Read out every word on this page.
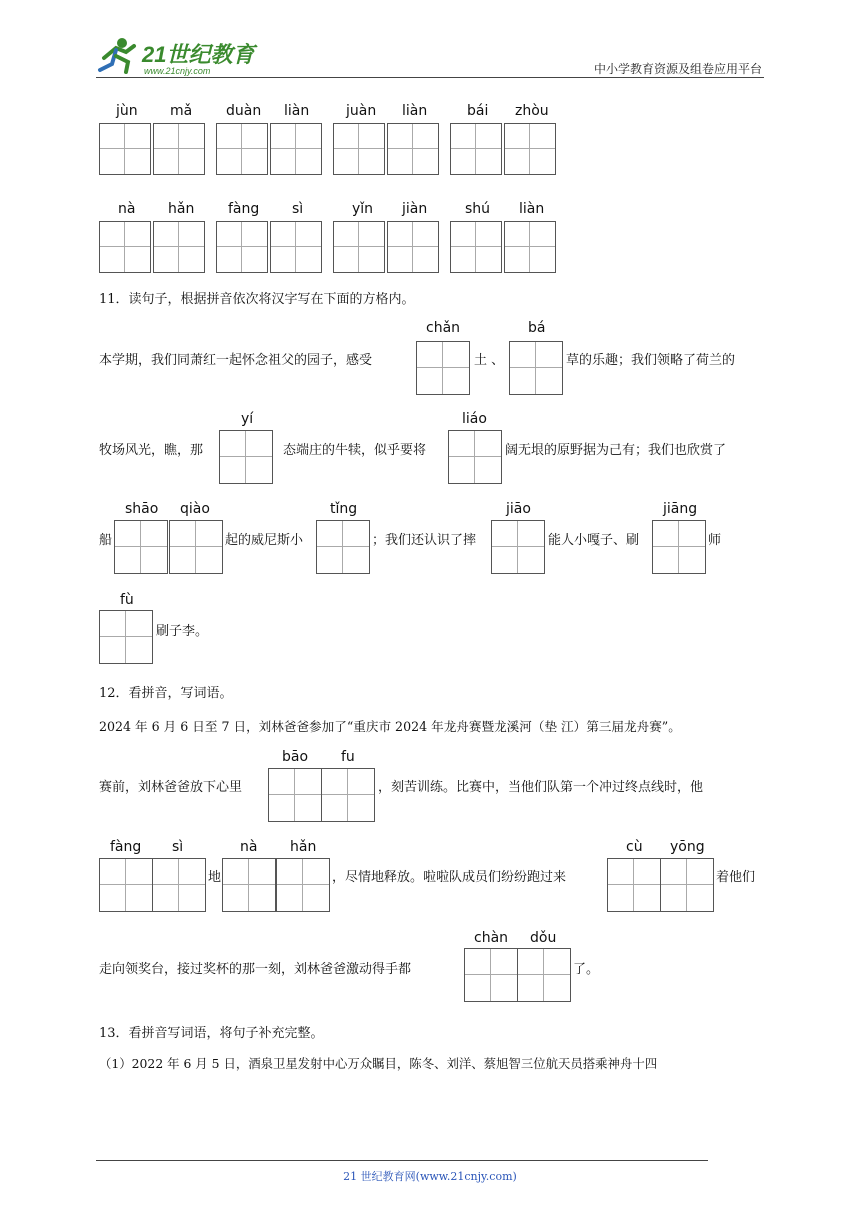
21世纪教育
www.21cnjy.com	中小学教育资源及组卷应用平台
jùn mǎ duàn liàn	juàn liàn	bái zhòu
nà hǎn fàng sì	yǐn jiàn	shú liàn
11．读句子，根据拼音依次将汉字写在下面的方格内。
本学期，我们同萧红一起怀念祖父的园子，感受
chǎn
土 、
bá
草的乐趣；我们领略了荷兰的
牧场风光，瞧，那
yí
态端庄的牛犊，似乎要将
liáo
阔无垠的原野据为己有；我们也欣赏了
船
shāo qiào
起的威尼斯小
tǐng
；我们还认识了摔
jiāo
能人小嘎子、刷
jiāng
师
fù
刷子李。
12．看拼音，写词语。
2024 年 6 月 6 日至 7 日，刘林爸爸参加了“重庆市 2024 年龙舟赛暨龙溪河（垫 江）第三届龙舟赛”。
赛前，刘林爸爸放下心里
bāo fu
，刻苦训练。比赛中，当他们队第一个冲过终点线时，他
fàng sì
地
nà hǎn
，尽情地释放。啦啦队成员们纷纷跑过来
cù yōng
着他们
走向领奖台，接过奖杯的那一刻，刘林爸爸激动得手都
chàn dǒu
了。
13．看拼音写词语，将句子补充完整。
（1）2022 年 6 月 5 日，酒泉卫星发射中心万众瞩目，陈冬、刘洋、蔡旭智三位航天员搭乘神舟十四
21 世纪教育网(www.21cnjy.com)
